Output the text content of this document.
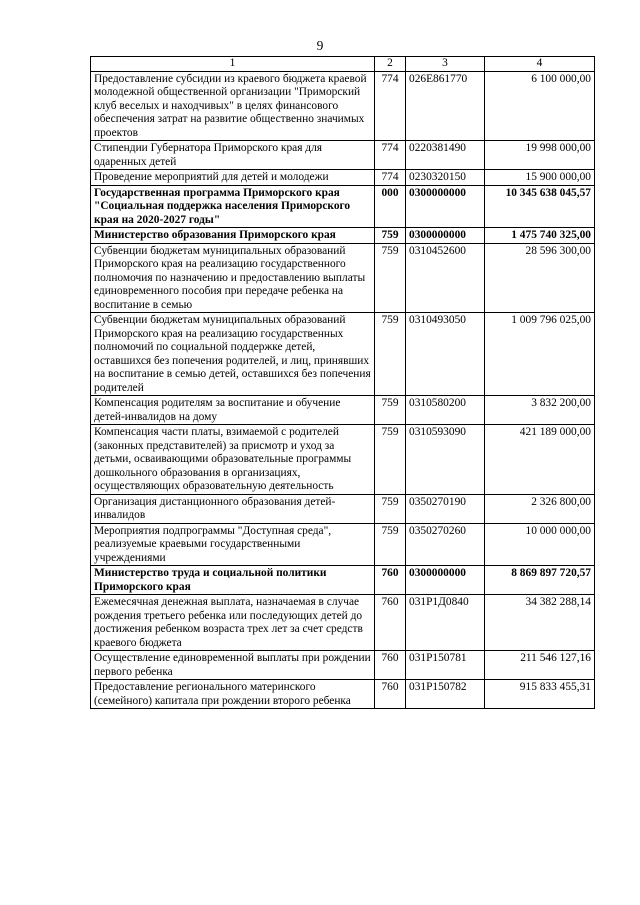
9
1	2	3	4
Предоставление субсидии из краевого бюджета краевой молодежной общественной организации "Приморский клуб веселых и находчивых" в целях финансового обеспечения затрат на развитие общественно значимых проектов	774	026E861770	6 100 000,00
Стипендии Губернатора Приморского края для одаренных детей	774	0220381490	19 998 000,00
Проведение мероприятий для детей и молодежи	774	0230320150	15 900 000,00
Государственная программа Приморского края "Социальная поддержка населения Приморского края на 2020-2027 годы"	000	0300000000	10 345 638 045,57
Министерство образования Приморского края	759	0300000000	1 475 740 325,00
Субвенции бюджетам муниципальных образований Приморского края на реализацию государственного полномочия по назначению и предоставлению выплаты единовременного пособия при передаче ребенка на воспитание в семью	759	0310452600	28 596 300,00
Субвенции бюджетам муниципальных образований Приморского края на реализацию государственных полномочий по социальной поддержке детей, оставшихся без попечения родителей, и лиц, принявших на воспитание в семью детей, оставшихся без попечения родителей	759	0310493050	1 009 796 025,00
Компенсация родителям за воспитание и обучение детей-инвалидов на дому	759	0310580200	3 832 200,00
Компенсация части платы, взимаемой с родителей (законных представителей) за присмотр и уход за детьми, осваивающими образовательные программы дошкольного образования в организациях, осуществляющих образовательную деятельность	759	0310593090	421 189 000,00
Организация дистанционного образования детей-инвалидов	759	0350270190	2 326 800,00
Мероприятия подпрограммы "Доступная среда", реализуемые краевыми государственными учреждениями	759	0350270260	10 000 000,00
Министерство труда и социальной политики Приморского края	760	0300000000	8 869 897 720,57
Ежемесячная денежная выплата, назначаемая в случае рождения третьего ребенка или последующих детей до достижения ребенком возраста трех лет за счет средств краевого бюджета	760	031P1Д0840	34 382 288,14
Осуществление единовременной выплаты при рождении первого ребенка	760	031P150781	211 546 127,16
Предоставление регионального материнского (семейного) капитала при рождении второго ребенка	760	031P150782	915 833 455,31
